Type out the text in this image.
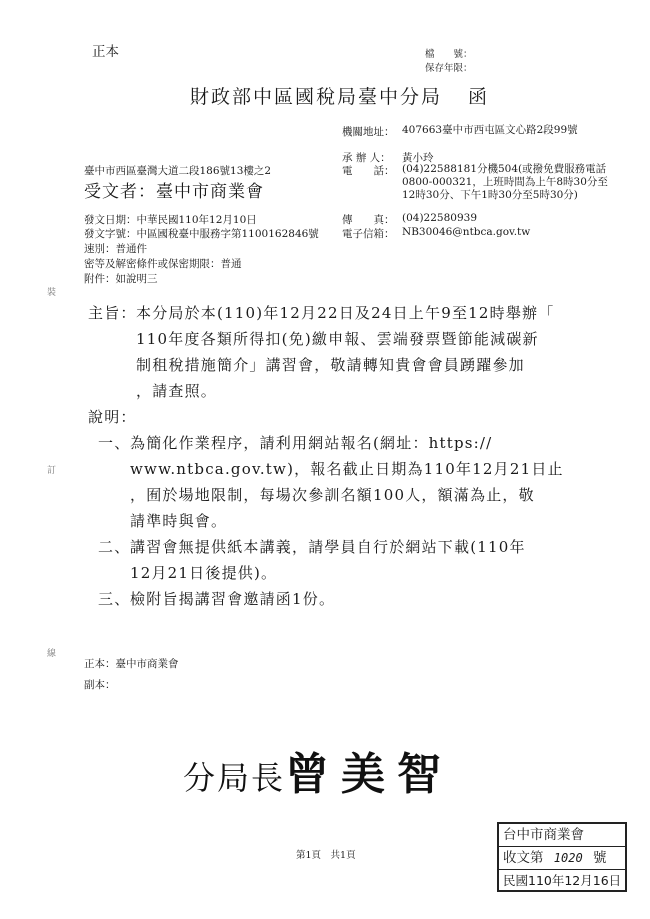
正本	檔　　號：
保存年限：
財政部中區國稅局臺中分局 函
機關地址： 407663臺中市西屯區文心路2段99號
承 辦 人：	黃小玲
電　　話： (04)22588181分機504(或撥免費服務電話0800-000321，上班時間為上午8時30分至12時30分、下午1時30分至5時30分)
傳　　真： (04)22580939
電子信箱： NB30046@ntbca.gov.tw
臺中市西區臺灣大道二段186號13樓之2
受文者：臺中市商業會
發文日期：中華民國110年12月10日
發文字號：中區國稅臺中服務字第1100162846號
速別：普通件
密等及解密條件或保密期限：普通
附件：如說明三
裝
訂
線
主旨： 本分局於本(110)年12月22日及24日上午9至12時舉辦「
110年度各類所得扣(免)繳申報、雲端發票暨節能減碳新
制租稅措施簡介」講習會，敬請轉知貴會會員踴躍參加
，請查照。
說明：
一、 為簡化作業程序，請利用網站報名(網址：https://
www.ntbca.gov.tw)，報名截止日期為110年12月21日止
，囿於場地限制，每場次參訓名額100人，額滿為止，敬
請準時與會。
二、 講習會無提供紙本講義，請學員自行於網站下載(110年
12月21日後提供)。
三、 檢附旨揭講習會邀請函1份。
正本：臺中市商業會
副本：
分局長曾美智
第1頁　共1頁
台中市商業會
收文第 1020 號
民國110年12月16日
